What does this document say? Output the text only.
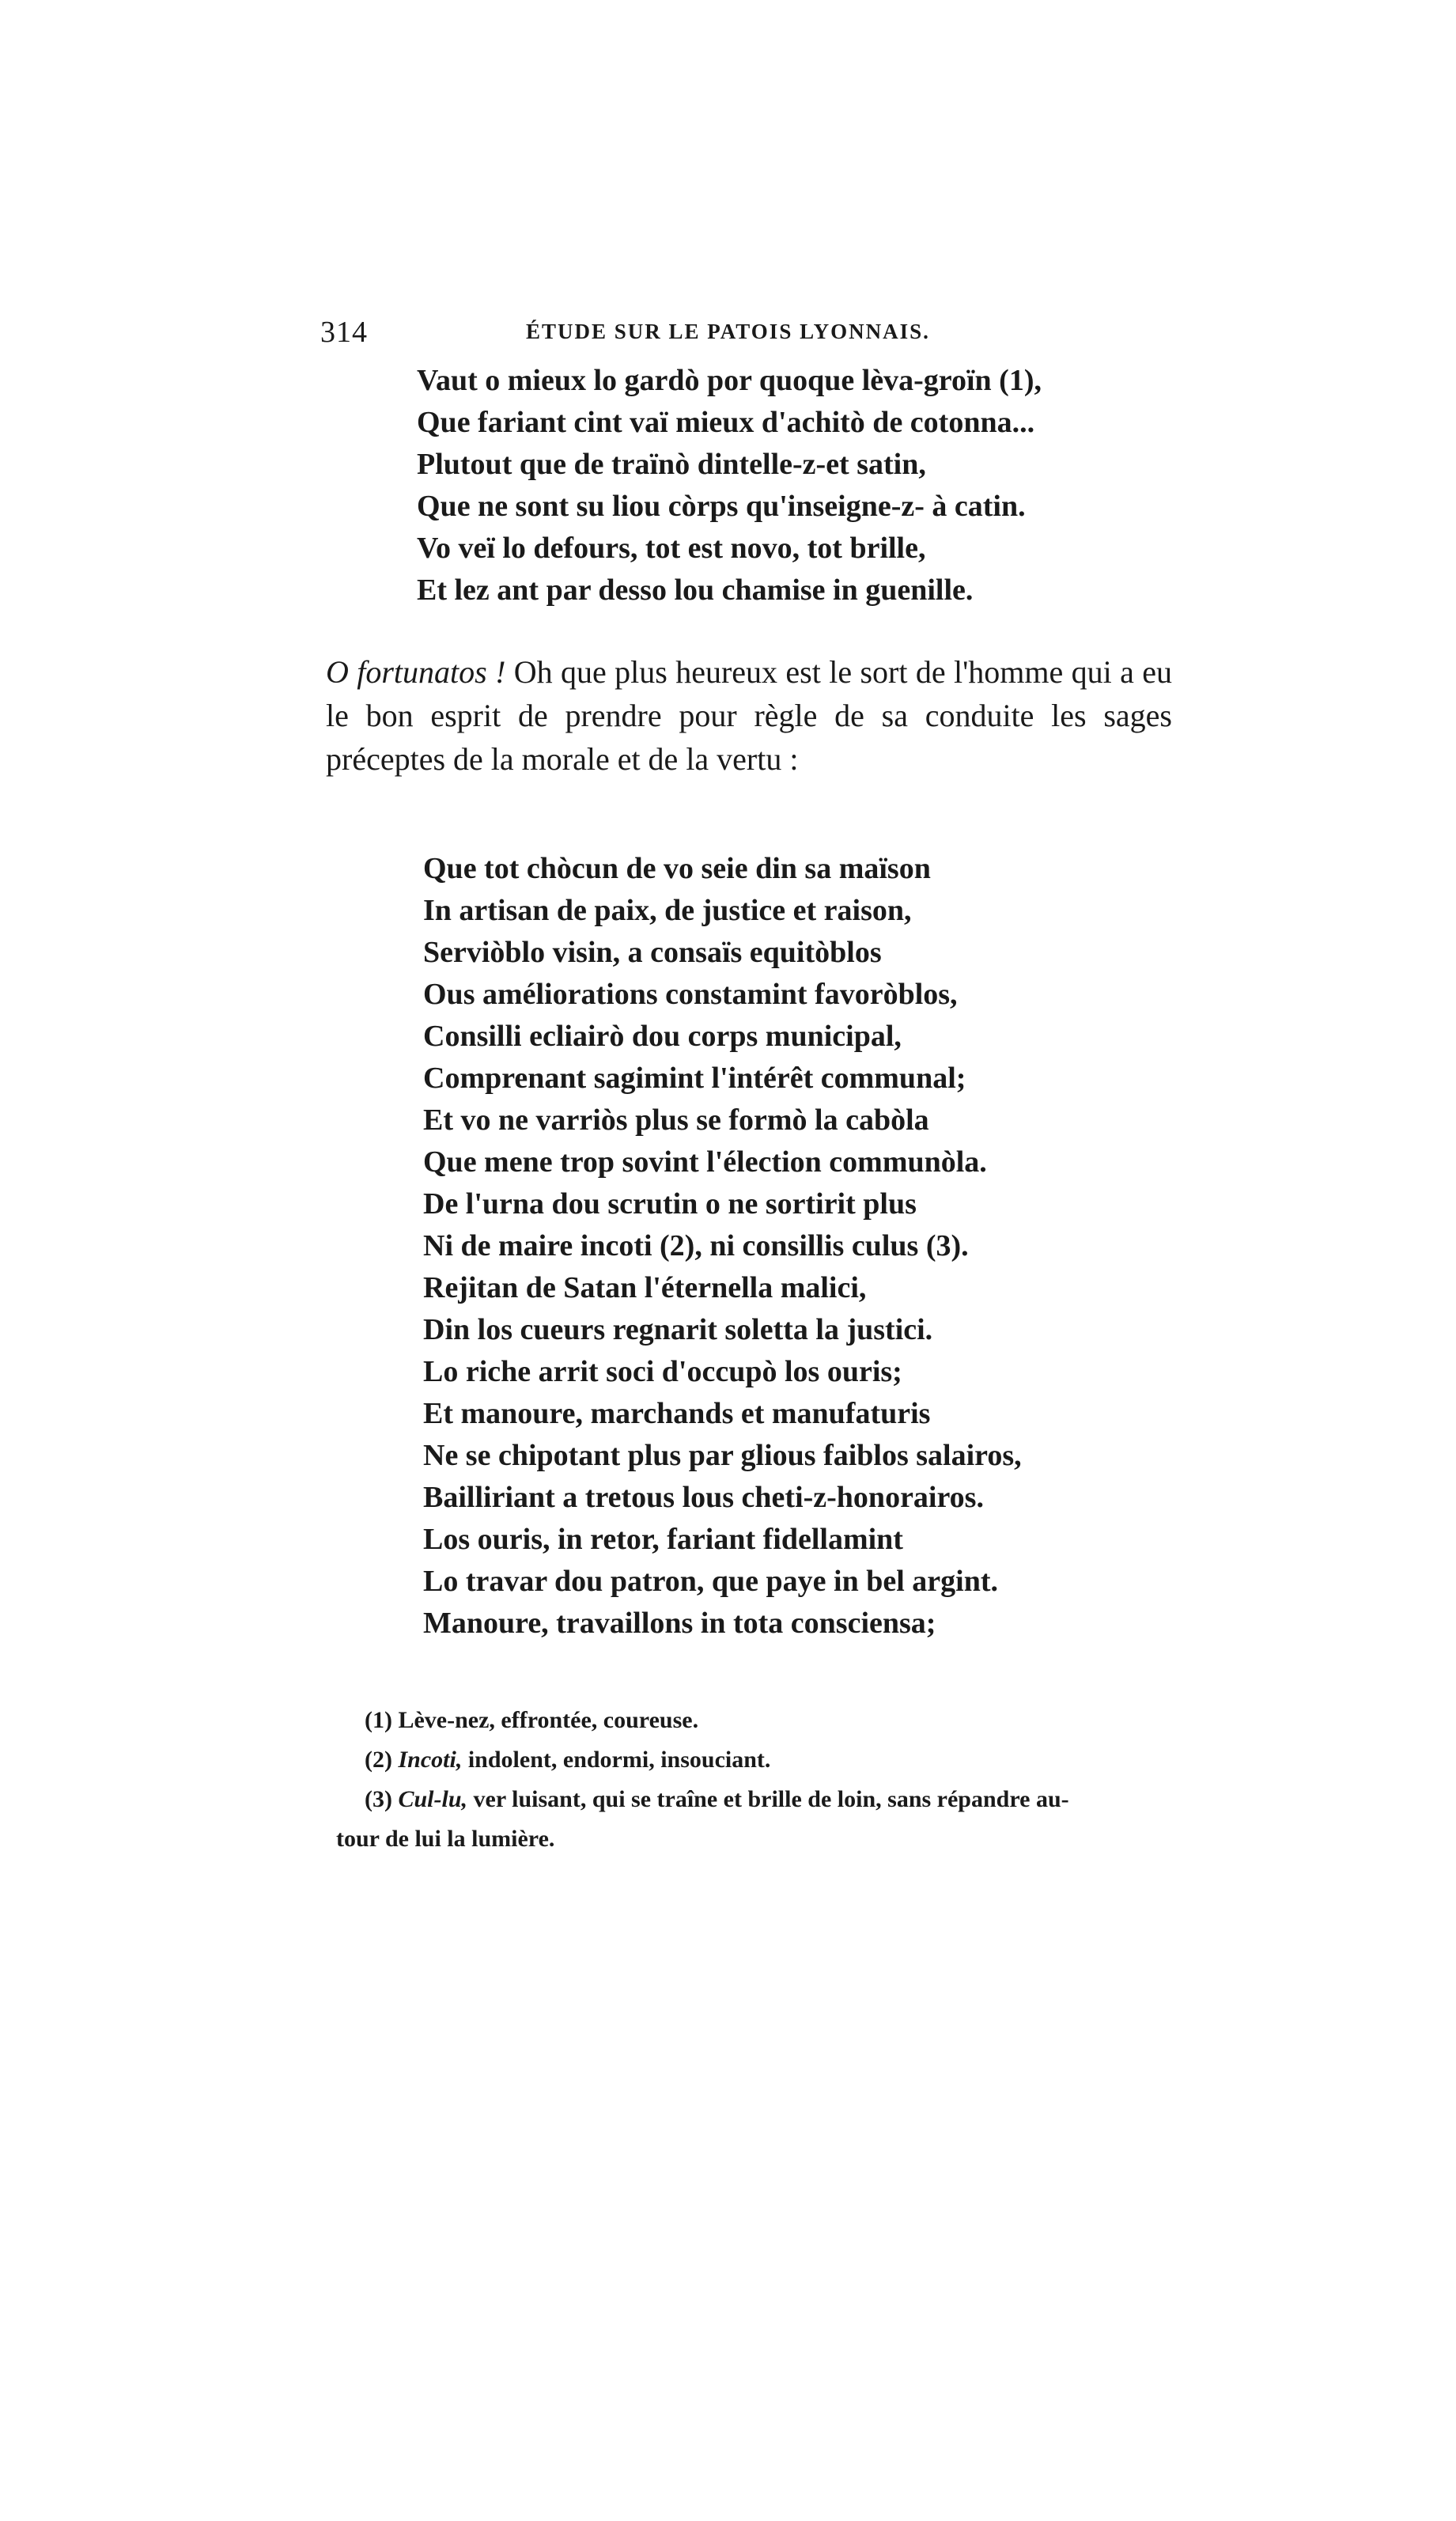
314	ÉTUDE SUR LE PATOIS LYONNAIS.
Vaut o mieux lo gardò por quoque lèva-groïn (1),
Que fariant cint vaï mieux d'achitò de cotonna...
Plutout que de traïnò dintelle-z-et satin,
Que ne sont su liou còrps qu'inseigne-z- à catin.
Vo veï lo defours, tot est novo, tot brille,
Et lez ant par desso lou chamise in guenille.

O fortunatos ! Oh que plus heureux est le sort de l'homme qui a eu le bon esprit de prendre pour règle de sa conduite les sages préceptes de la morale et de la vertu :

Que tot chòcun de vo seie din sa maïson
In artisan de paix, de justice et raison,
Serviòblo visin, a consaïs equitòblos
Ous améliorations constamint favoròblos,
Consilli ecliairò dou corps municipal,
Comprenant sagimint l'intérêt communal;
Et vo ne varriòs plus se formò la cabòla
Que mene trop sovint l'élection communòla.
De l'urna dou scrutin o ne sortirit plus
Ni de maire incoti (2), ni consillis culus (3).
Rejitan de Satan l'éternella malici,
Din los cueurs regnarit soletta la justici.
Lo riche arrit soci d'occupò los ouris;
Et manoure, marchands et manufaturis
Ne se chipotant plus par glious faiblos salairos,
Bailliriant a tretous lous cheti-z-honorairos.
Los ouris, in retor, fariant fidellamint
Lo travar dou patron, que paye in bel argint.
Manoure, travaillons in tota consciensa;
(1) Lève-nez, effrontée, coureuse.
(2) Incoti, indolent, endormi, insouciant.
(3) Cul-lu, ver luisant, qui se traîne et brille de loin, sans répandre au-
tour de lui la lumière.
